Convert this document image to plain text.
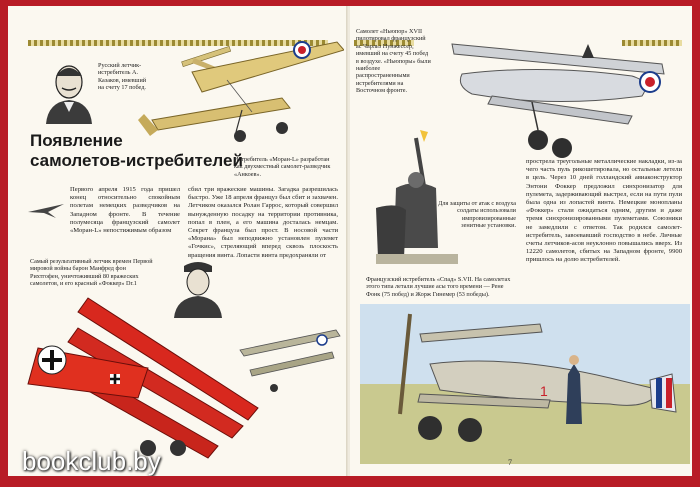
Русский летчик-истребитель А. Казаков, имевший на счету 17 побед.
Появление
самолетов-истребителей
Истребитель «Моран-L» разработан как двухместный самолет-разведчик «Анкоев».
Первого апреля 1915 года пришел конец относительно спокойным полетам немецких разведчиков на Западном фронте. В течение полумесяца французский самолет «Моран-L» непостижимым образом
сбил три вражеские машины. Загадка разрешилась быстро. Уже 18 апреля француз был сбит и захвачен. Летчиком оказался Ролан Гаррос, который совершил вынужденную посадку на территории противника, попал в плен, а его машина досталась немцам. Секрет француза был прост. В носовой части «Морана» был неподвижно установлен пулемет «Гочкис», стреляющий вперед сквозь плоскость вращения винта. Лопасти винта предохраняли от
Самый результативный летчик времен Первой мировой войны барон Манфред фон Рихтгофен, уничтоживший 80 вражеских самолетов, и его красный «Фоккер» Dr.1
bookclub.by
Самолет «Ньюпор» XVII пилотировал французский ас Чарльз Нунжессер, имевший на счету 45 побед в воздухе. «Ньюпоры» были наиболее распространенными истребителями на Восточном фронте.
Для защиты от атак с воздуха солдаты использовали импровизированные зенитные установки.
прострела треугольные металлические накладки, из-за чего часть пуль рикошетировала, но остальные летели в цель. Через 10 дней голландский авиаконструктор Энтони Фоккер предложил синхронизатор для пулемета, задерживающий выстрел, если на пути пули была одна из лопастей винта. Немецкие монопланы «Фоккер» стали ожидаться одним, другим и даже тремя синхронизированными пулеметами. Союзники не замедлили с ответом. Так родился самолет-истребитель, завоевавший господство в небе. Личные счеты летчиков-асов неуклонно повышались вверх. Из 12220 самолетов, сбитых на Западном фронте, 9900 пришлось на долю истребителей.
Французский истребитель «Спад» S.VII. На самолетах этого типа летали лучшие асы того времени — Рене Фонк (75 побед) и Жорж Гинемер (53 победы).
1
7
